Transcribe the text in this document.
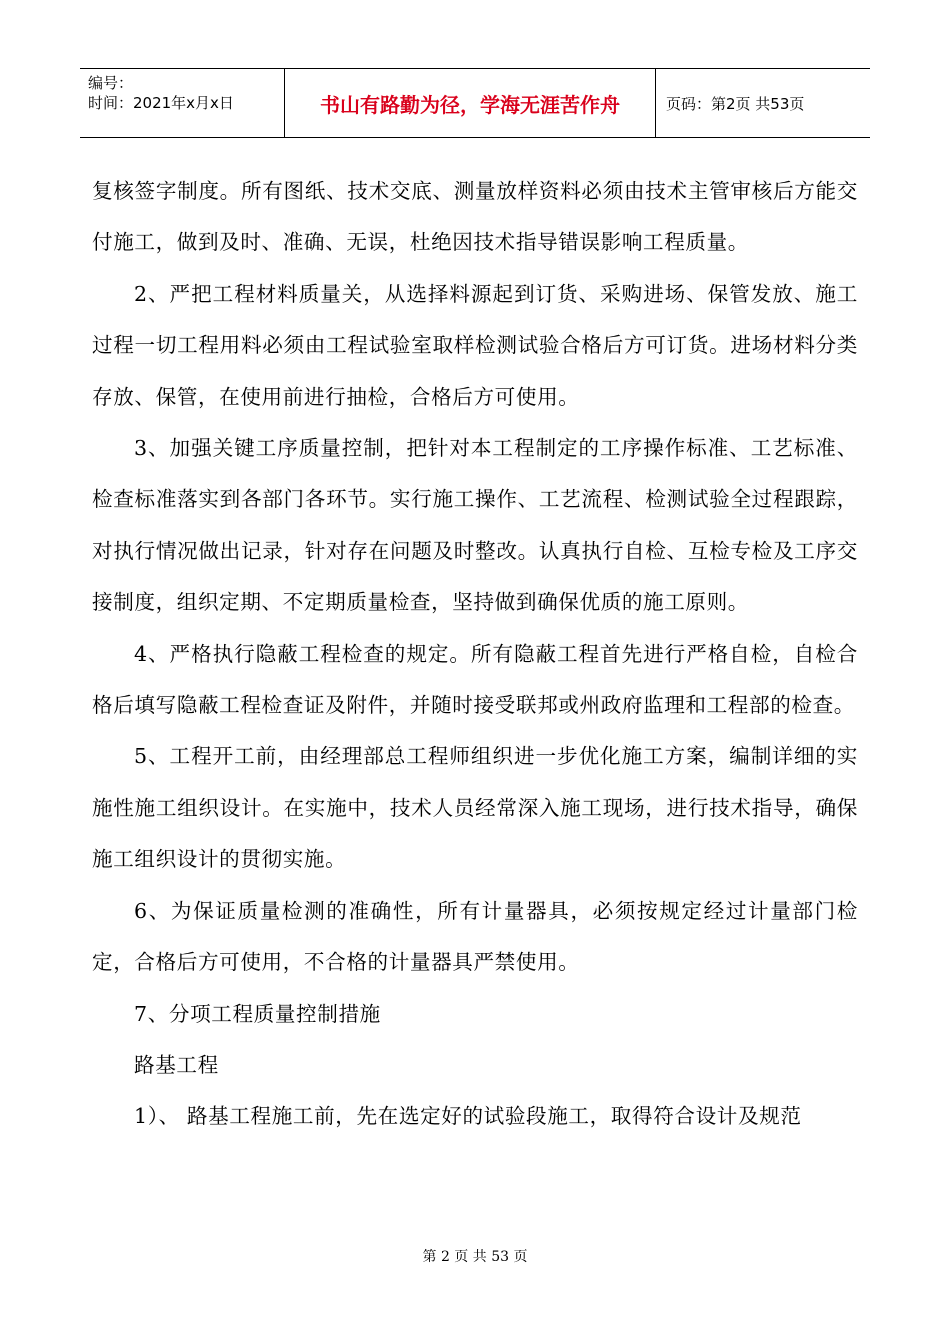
编号：
时间：2021年x月x日	书山有路勤为径，学海无涯苦作舟	页码：第2页 共53页

复核签字制度。所有图纸、技术交底、测量放样资料必须由技术主管审核后方能交付施工，做到及时、准确、无误，杜绝因技术指导错误影响工程质量。

2、严把工程材料质量关，从选择料源起到订货、采购进场、保管发放、施工过程一切工程用料必须由工程试验室取样检测试验合格后方可订货。进场材料分类存放、保管，在使用前进行抽检，合格后方可使用。

3、加强关键工序质量控制，把针对本工程制定的工序操作标准、工艺标准、检查标准落实到各部门各环节。实行施工操作、工艺流程、检测试验全过程跟踪，对执行情况做出记录，针对存在问题及时整改。认真执行自检、互检专检及工序交接制度，组织定期、不定期质量检查，坚持做到确保优质的施工原则。

4、严格执行隐蔽工程检查的规定。所有隐蔽工程首先进行严格自检，自检合格后填写隐蔽工程检查证及附件，并随时接受联邦或州政府监理和工程部的检查。

5、工程开工前，由经理部总工程师组织进一步优化施工方案，编制详细的实施性施工组织设计。在实施中，技术人员经常深入施工现场，进行技术指导，确保施工组织设计的贯彻实施。

6、为保证质量检测的准确性，所有计量器具，必须按规定经过计量部门检定，合格后方可使用，不合格的计量器具严禁使用。

7、分项工程质量控制措施

路基工程

1）、 路基工程施工前，先在选定好的试验段施工，取得符合设计及规范

第 2 页 共 53 页
